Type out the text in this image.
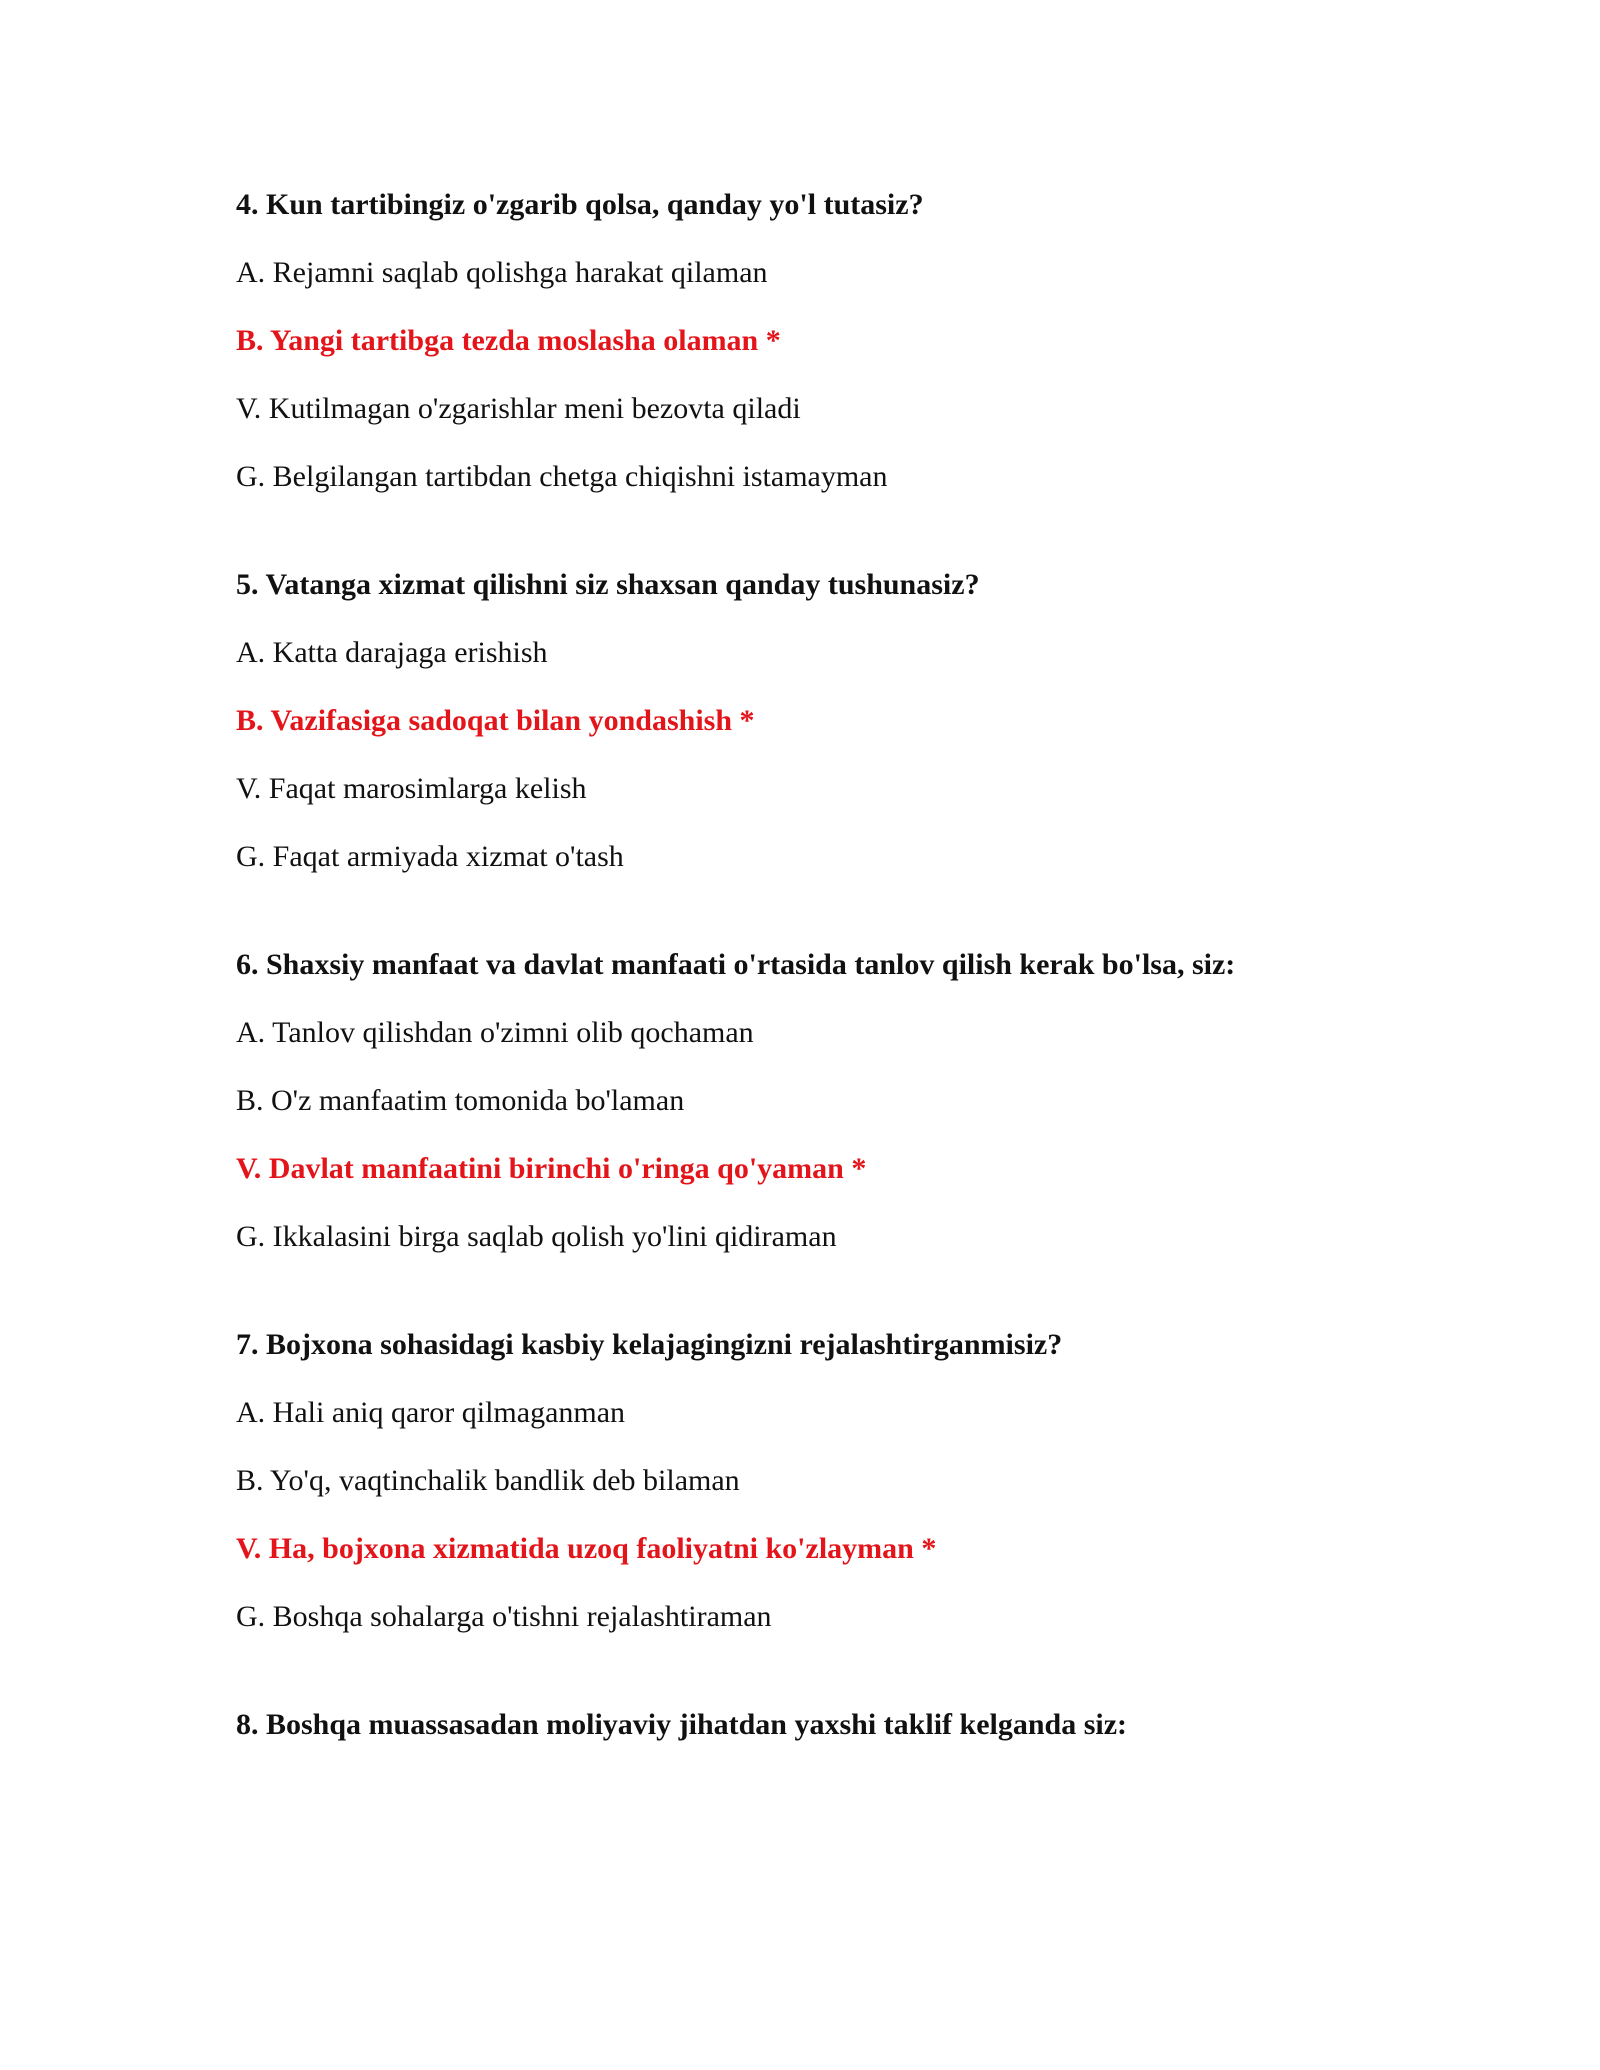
4. Kun tartibingiz o'zgarib qolsa, qanday yo'l tutasiz?
A. Rejamni saqlab qolishga harakat qilaman
B. Yangi tartibga tezda moslasha olaman *
V. Kutilmagan o'zgarishlar meni bezovta qiladi
G. Belgilangan tartibdan chetga chiqishni istamayman
5. Vatanga xizmat qilishni siz shaxsan qanday tushunasiz?
A. Katta darajaga erishish
B. Vazifasiga sadoqat bilan yondashish *
V. Faqat marosimlarga kelish
G. Faqat armiyada xizmat o'tash
6. Shaxsiy manfaat va davlat manfaati o'rtasida tanlov qilish kerak bo'lsa, siz:
A. Tanlov qilishdan o'zimni olib qochaman
B. O'z manfaatim tomonida bo'laman
V. Davlat manfaatini birinchi o'ringa qo'yaman *
G. Ikkalasini birga saqlab qolish yo'lini qidiraman
7. Bojxona sohasidagi kasbiy kelajagingizni rejalashtirganmisiz?
A. Hali aniq qaror qilmaganman
B. Yo'q, vaqtinchalik bandlik deb bilaman
V. Ha, bojxona xizmatida uzoq faoliyatni ko'zlayman *
G. Boshqa sohalarga o'tishni rejalashtiraman
8. Boshqa muassasadan moliyaviy jihatdan yaxshi taklif kelganda siz:
